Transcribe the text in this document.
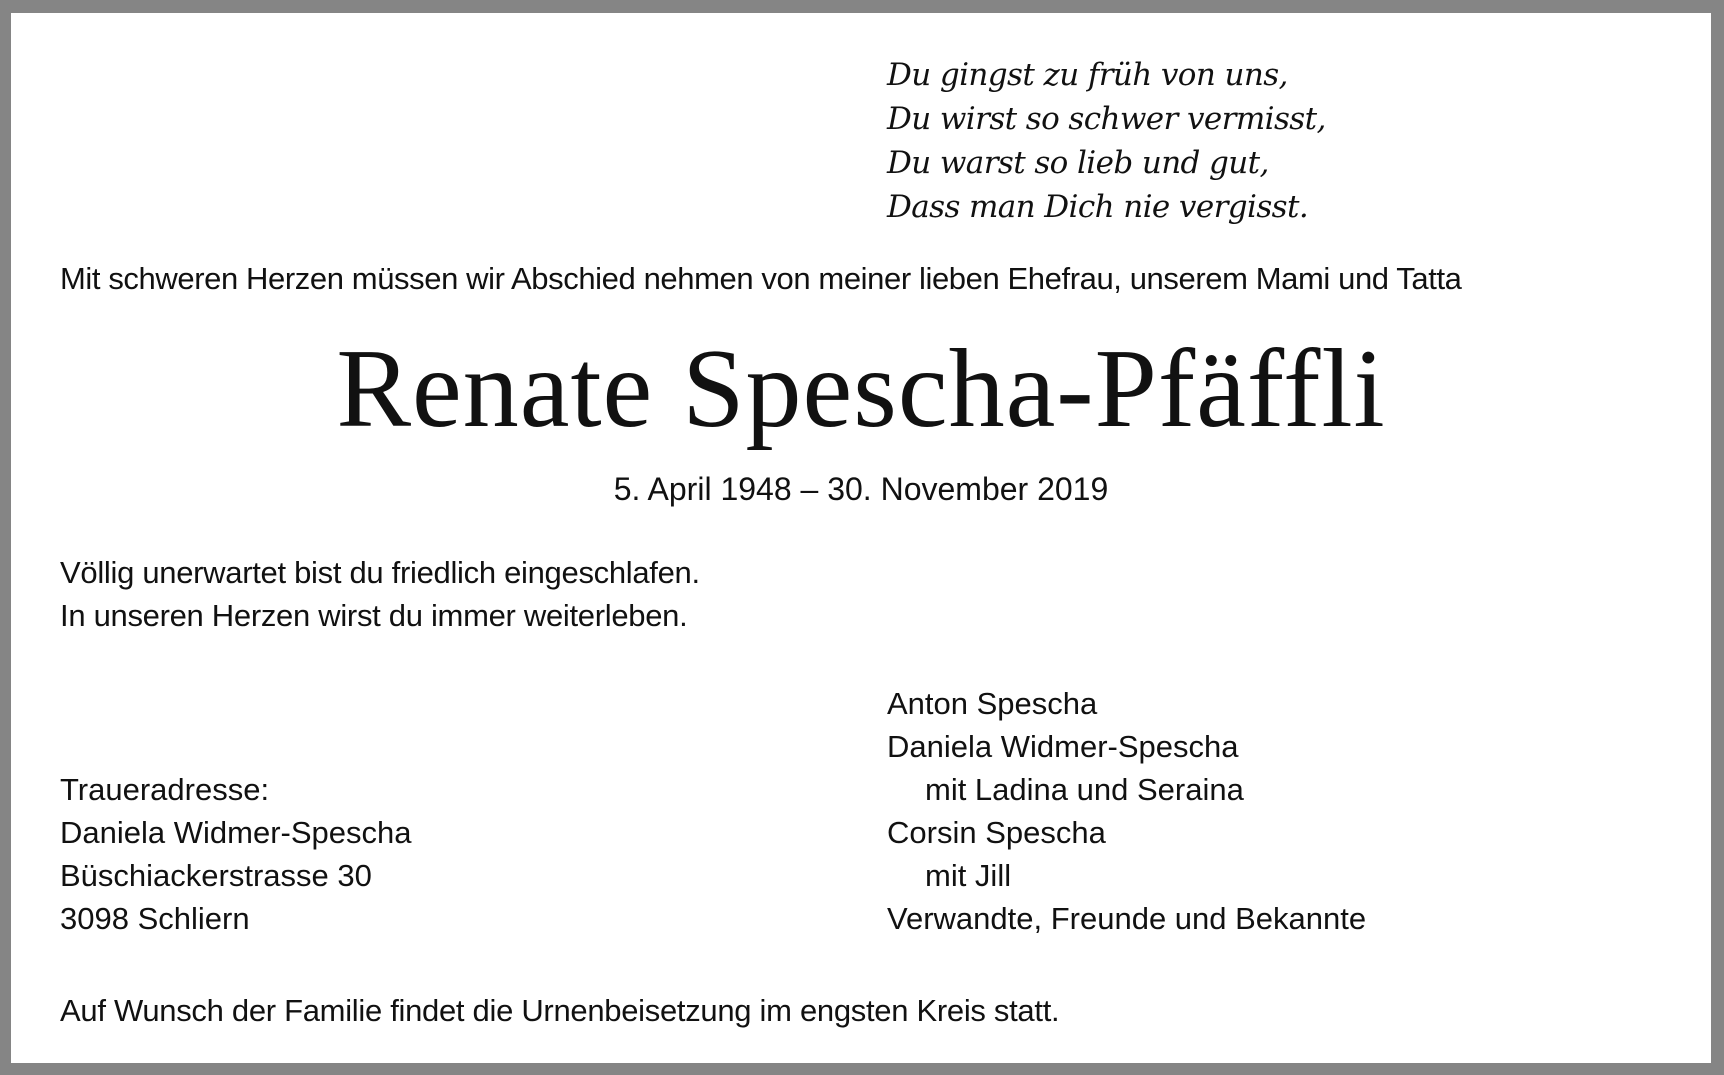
Du gingst zu früh von uns,
Du wirst so schwer vermisst,
Du warst so lieb und gut,
Dass man Dich nie vergisst.
Mit schweren Herzen müssen wir Abschied nehmen von meiner lieben Ehefrau, unserem Mami und Tatta
Renate Spescha-Pfäffli
5. April 1948 – 30. November 2019
Völlig unerwartet bist du friedlich eingeschlafen.
In unseren Herzen wirst du immer weiterleben.
Anton Spescha
Daniela Widmer-Spescha
mit Ladina und Seraina
Corsin Spescha
mit Jill
Verwandte, Freunde und Bekannte
Traueradresse:
Daniela Widmer-Spescha
Büschiackerstrasse 30
3098 Schliern
Auf Wunsch der Familie findet die Urnenbeisetzung im engsten Kreis statt.
